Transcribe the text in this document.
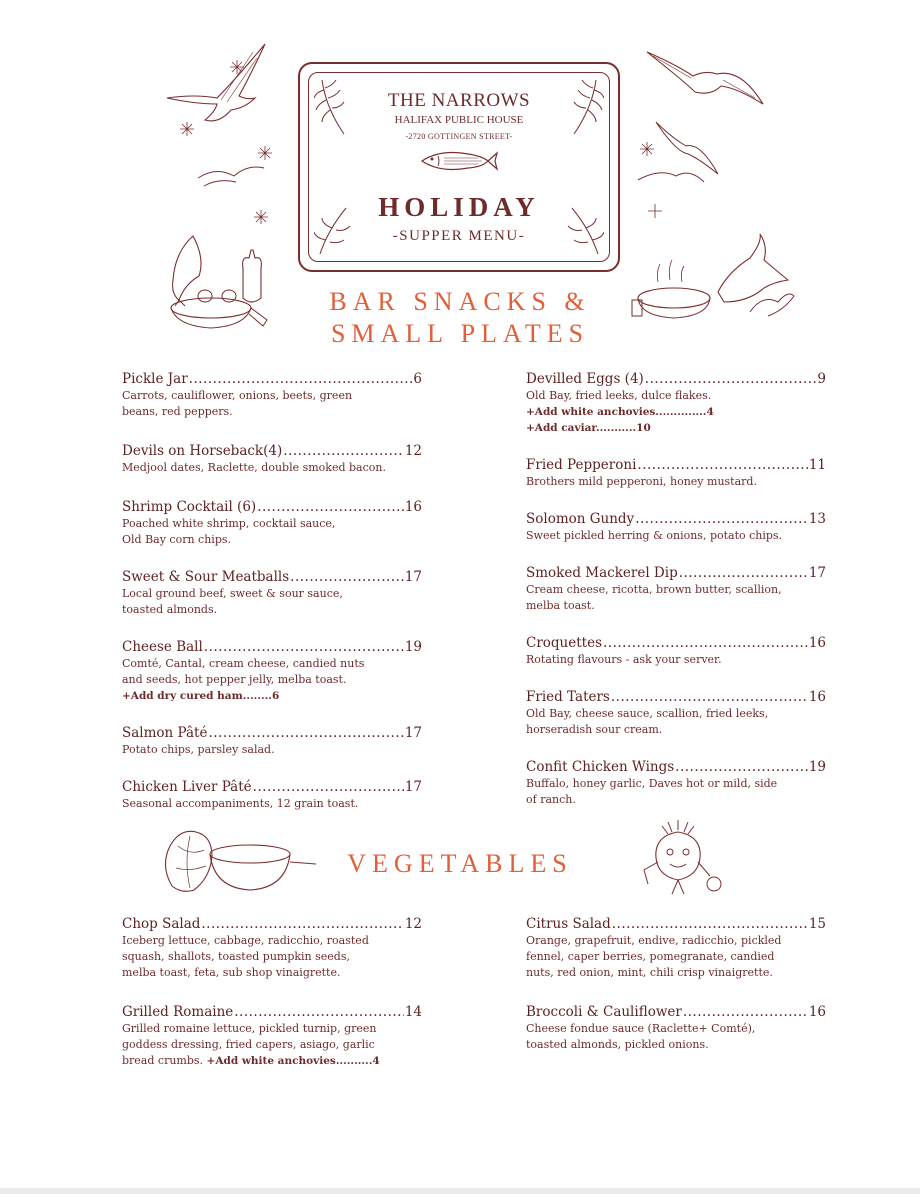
THE NARROWS
HALIFAX PUBLIC HOUSE
-2720 GOTTINGEN STREET-
HOLIDAY
-SUPPER MENU-
BAR SNACKS &
SMALL PLATES
Pickle Jar .....	6
Carrots, cauliflower, onions, beets, green
beans, red peppers.
Devils on Horseback(4) .....	12
Medjool dates, Raclette, double smoked bacon.
Shrimp Cocktail (6) .....	16
Poached white shrimp, cocktail sauce,
Old Bay corn chips.
Sweet & Sour Meatballs .....	17
Local ground beef, sweet & sour sauce,
toasted almonds.
Cheese Ball .....	19
Comté, Cantal, cream cheese, candied nuts
and seeds, hot pepper jelly, melba toast.
+Add dry cured ham........6
Salmon Pâté .....	17
Potato chips, parsley salad.
Chicken Liver Pâté .....	17
Seasonal accompaniments, 12 grain toast.
Devilled Eggs (4) .....	9
Old Bay, fried leeks, dulce flakes.
+Add white anchovies..............4
+Add caviar...........10
Fried Pepperoni .....	11
Brothers mild pepperoni, honey mustard.
Solomon Gundy .....	13
Sweet pickled herring & onions, potato chips.
Smoked Mackerel Dip .....	17
Cream cheese, ricotta, brown butter, scallion,
melba toast.
Croquettes .....	16
Rotating flavours - ask your server.
Fried Taters .....	16
Old Bay, cheese sauce, scallion, fried leeks,
horseradish sour cream.
Confit Chicken Wings .....	19
Buffalo, honey garlic, Daves hot or mild, side
of ranch.
VEGETABLES
Chop Salad .....	12
Iceberg lettuce, cabbage, radicchio, roasted
squash, shallots, toasted pumpkin seeds,
melba toast, feta, sub shop vinaigrette.
Grilled Romaine .....	14
Grilled romaine lettuce, pickled turnip, green
goddess dressing, fried capers, asiago, garlic
bread crumbs. +Add white anchovies..........4
Citrus Salad .....	15
Orange, grapefruit, endive, radicchio, pickled
fennel, caper berries, pomegranate, candied
nuts, red onion, mint, chili crisp vinaigrette.
Broccoli & Cauliflower .....	16
Cheese fondue sauce (Raclette+ Comté),
toasted almonds, pickled onions.
